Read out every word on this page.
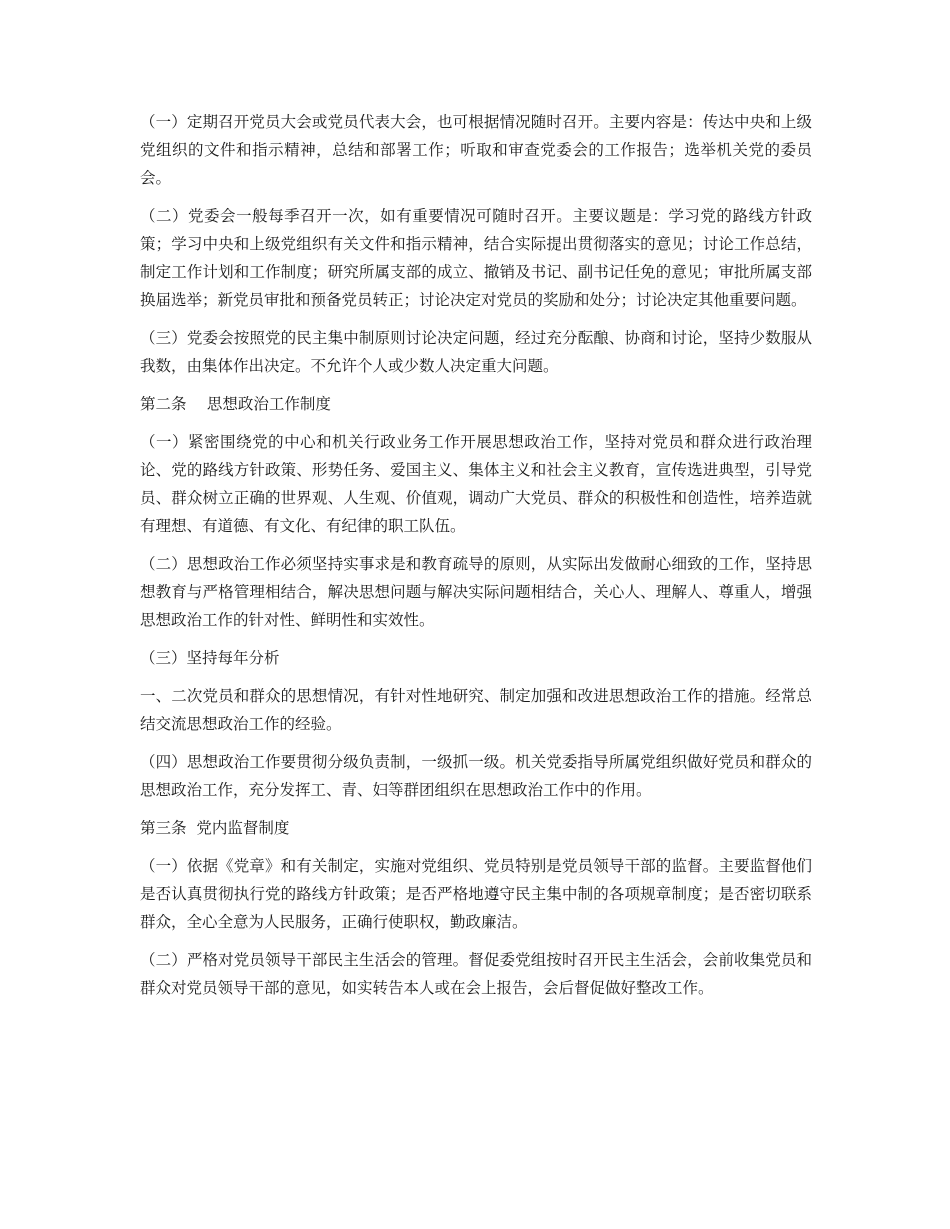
（一）定期召开党员大会或党员代表大会，也可根据情况随时召开。主要内容是：传达中央和上级党组织的文件和指示精神，总结和部署工作；听取和审查党委会的工作报告；选举机关党的委员会。

（二）党委会一般每季召开一次，如有重要情况可随时召开。主要议题是：学习党的路线方针政策；学习中央和上级党组织有关文件和指示精神，结合实际提出贯彻落实的意见；讨论工作总结，制定工作计划和工作制度；研究所属支部的成立、撤销及书记、副书记任免的意见；审批所属支部换届选举；新党员审批和预备党员转正；讨论决定对党员的奖励和处分；讨论决定其他重要问题。

（三）党委会按照党的民主集中制原则讨论决定问题，经过充分酝酿、协商和讨论，坚持少数服从我数，由集体作出决定。不允许个人或少数人决定重大问题。

第二条　 思想政治工作制度

（一）紧密围绕党的中心和机关行政业务工作开展思想政治工作，坚持对党员和群众进行政治理论、党的路线方针政策、形势任务、爱国主义、集体主义和社会主义教育，宣传选进典型，引导党员、群众树立正确的世界观、人生观、价值观，调动广大党员、群众的积极性和创造性，培养造就有理想、有道德、有文化、有纪律的职工队伍。

（二）思想政治工作必须坚持实事求是和教育疏导的原则，从实际出发做耐心细致的工作，坚持思想教育与严格管理相结合，解决思想问题与解决实际问题相结合，关心人、理解人、尊重人，增强思想政治工作的针对性、鲜明性和实效性。

（三）坚持每年分析

一、二次党员和群众的思想情况，有针对性地研究、制定加强和改进思想政治工作的措施。经常总结交流思想政治工作的经验。

（四）思想政治工作要贯彻分级负责制，一级抓一级。机关党委指导所属党组织做好党员和群众的思想政治工作，充分发挥工、青、妇等群团组织在思想政治工作中的作用。

第三条  党内监督制度

（一）依据《党章》和有关制定，实施对党组织、党员特别是党员领导干部的监督。主要监督他们是否认真贯彻执行党的路线方针政策；是否严格地遵守民主集中制的各项规章制度；是否密切联系群众，全心全意为人民服务，正确行使职权，勤政廉洁。

（二）严格对党员领导干部民主生活会的管理。督促委党组按时召开民主生活会，会前收集党员和群众对党员领导干部的意见，如实转告本人或在会上报告，会后督促做好整改工作。
